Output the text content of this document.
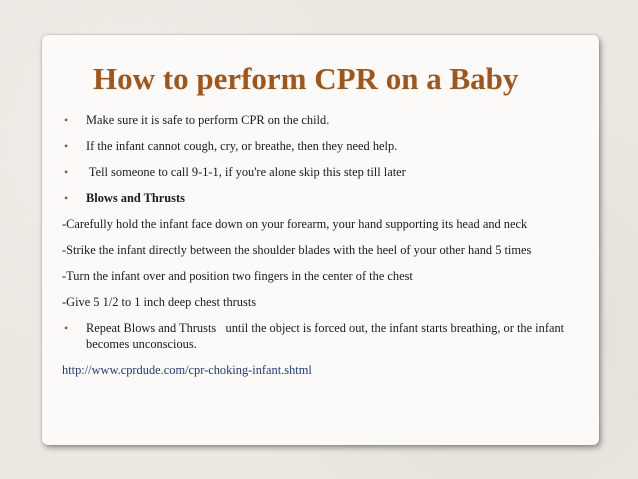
How to perform CPR on a Baby
• Make sure it is safe to perform CPR on the child.
• If the infant cannot cough, cry, or breathe, then they need help.
• Tell someone to call 9-1-1, if you're alone skip this step till later
• Blows and Thrusts
-Carefully hold the infant face down on your forearm, your hand supporting its head and neck
-Strike the infant directly between the shoulder blades with the heel of your other hand 5 times
-Turn the infant over and position two fingers in the center of the chest
-Give 5 1/2 to 1 inch deep chest thrusts
• Repeat Blows and Thrusts   until the object is forced out, the infant starts breathing, or the infant becomes unconscious.
http://www.cprdude.com/cpr-choking-infant.shtml
